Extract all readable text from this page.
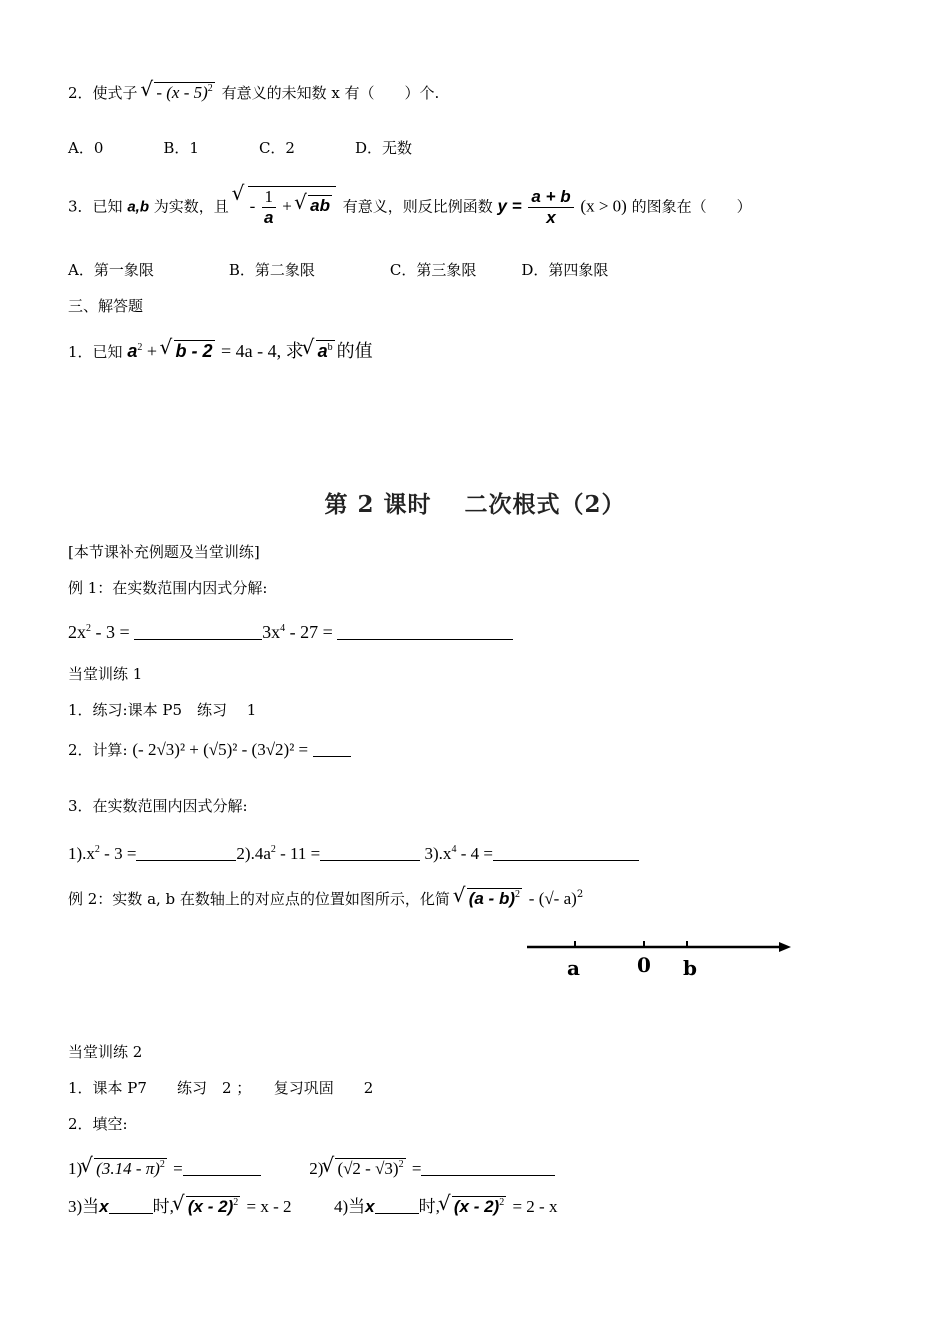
2．使式子 √ - (x - 5)$^2$ 有意义的未知数 x 有（　　）个.
A．0　　　　B．1　　　　C．2　　　　D．无数
3．已知 a,b 为实数，且 √ - $\frac{1}{a}$ + √ ab 有意义，则反比例函数 $y = \frac{a + b}{x} (x > 0)$ 的图象在（　　）
A．第一象限　　　　　B．第二象限　　　　　C．第三象限　　　D．第四象限
三、解答题
1．已知 $a^2$ + √ b - 2 = 4a - 4, 求 √ $a^b$ 的值
第 2 课时　 二次根式（2）
[本节课补充例题及当堂训练]
例 1：在实数范围内因式分解:
$2x^2 - 3$ =	$3x^4 - 27$ =
当堂训练 1
1．练习:课本 P5　练习　 1
2．计算: (- 2√3)² + (√5)² - (3√2)² =
3．在实数范围内因式分解:
$1).x^2 - 3$ =	$2).4a^2 - 11$ =	$3).x^4 - 4$ =
例 2：实数 a, b 在数轴上的对应点的位置如图所示，化简 √ (a - b)$^2$ - (√- a)$^2$
a	0 b
当堂训练 2
1．课本 P7　　练习　2 ；　　复习巩固　　2
2．填空:
1) √ (3.14 - π)$^2$ =	2) √ (√2 - √3)$^2$ =
3)当x	时, √ (x - 2)$^2$ = x - 2	4)当x	时, √ (x - 2)$^2$ = 2 - x
